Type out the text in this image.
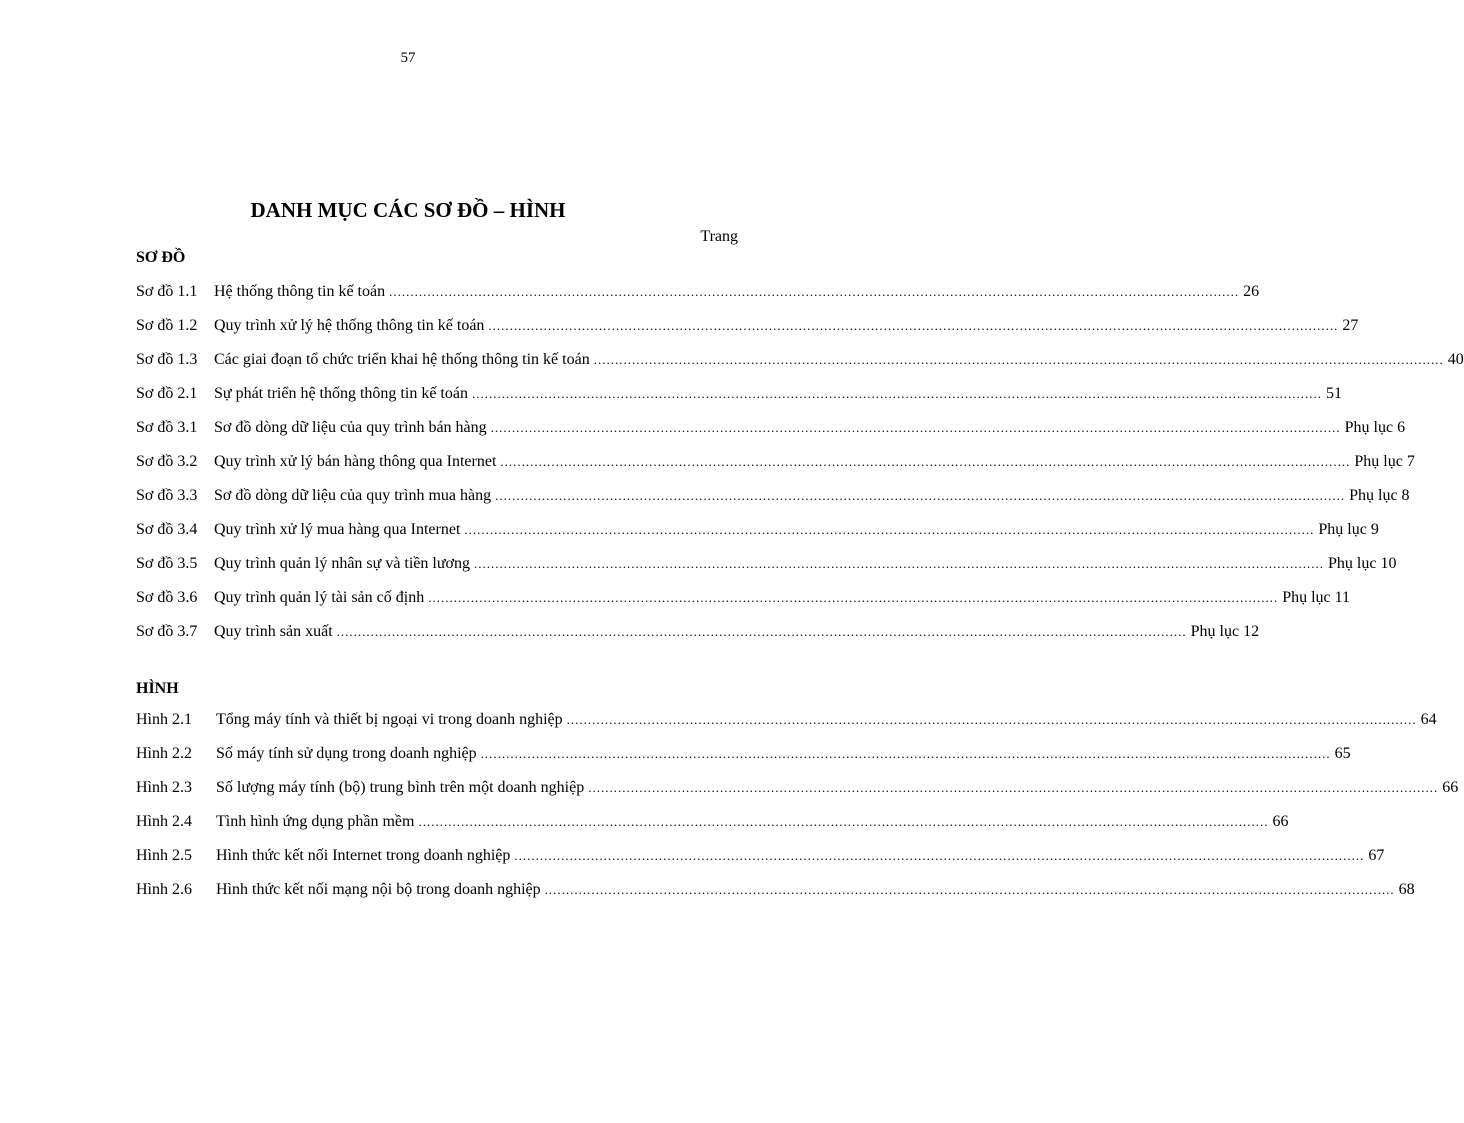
57
DANH MỤC CÁC SƠ ĐỒ – HÌNH
Trang
SƠ ĐỒ
Sơ đồ 1.1	Hệ thống thông tin kế toán ........................................................................................................................................................................................................ 26
Sơ đồ 1.2	Quy trình xử lý hệ thống thông tin kế toán ........................................................................................................................................................................................................ 27
Sơ đồ 1.3	Các giai đoạn tổ chức triển khai hệ thống thông tin kế toán ........................................................................................................................................................................................................ 40
Sơ đồ 2.1	Sự phát triển hệ thống thông tin kế toán ........................................................................................................................................................................................................ 51
Sơ đồ 3.1	Sơ đồ dòng dữ liệu của quy trình bán hàng ........................................................................................................................................................................................................ Phụ lục 6
Sơ đồ 3.2	Quy trình xử lý bán hàng thông qua Internet ........................................................................................................................................................................................................ Phụ lục 7
Sơ đồ 3.3	Sơ đồ dòng dữ liệu của quy trình mua hàng ........................................................................................................................................................................................................ Phụ lục 8
Sơ đồ 3.4	Quy trình xử lý mua hàng qua Internet ........................................................................................................................................................................................................ Phụ lục 9
Sơ đồ 3.5	Quy trình quản lý nhân sự và tiền lương ........................................................................................................................................................................................................ Phụ lục 10
Sơ đồ 3.6	Quy trình quản lý tài sản cố định ........................................................................................................................................................................................................ Phụ lục 11
Sơ đồ 3.7	Quy trình sản xuất ........................................................................................................................................................................................................ Phụ lục 12
HÌNH
Hình 2.1	Tổng máy tính và thiết bị ngoại vi trong doanh nghiệp ........................................................................................................................................................................................................ 64
Hình 2.2	Số máy tính sử dụng trong doanh nghiệp ........................................................................................................................................................................................................ 65
Hình 2.3	Số lượng máy tính (bộ) trung bình trên một doanh nghiệp ........................................................................................................................................................................................................ 66
Hình 2.4	Tình hình ứng dụng phần mềm ........................................................................................................................................................................................................ 66
Hình 2.5	Hình thức kết nối Internet trong doanh nghiệp ........................................................................................................................................................................................................ 67
Hình 2.6	Hình thức kết nối mạng nội bộ trong doanh nghiệp ........................................................................................................................................................................................................ 68
